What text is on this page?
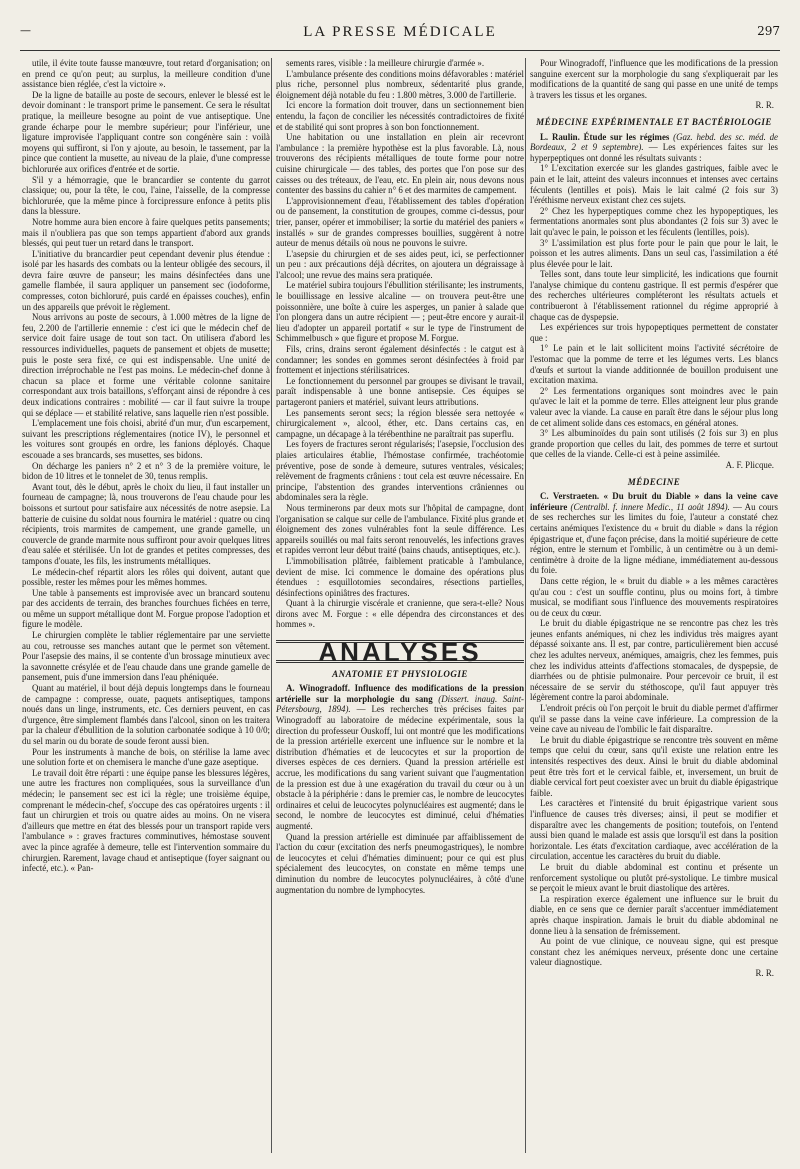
—	LA PRESSE MÉDICALE	297

utile, il évite toute fausse manœuvre, tout retard d'organisation; on en prend ce qu'on peut; au surplus, la meilleure condition d'une assistance bien réglée, c'est la victoire ».

De la ligne de bataille au poste de secours, enlever le blessé est le devoir dominant : le transport prime le pansement. Ce sera le résultat pratique, la meilleure besogne au point de vue antiseptique. Une grande écharpe pour le membre supérieur; pour l'inférieur, une ligature improvisée l'appliquant contre son congénère sain : voilà moyens qui suffiront, si l'on y ajoute, au besoin, le tassement, par la pince que contient la musette, au niveau de la plaie, d'une compresse bichlorurée aux orifices d'entrée et de sortie.

S'il y a hémorragie, que le brancardier se contente du garrot classique; ou, pour la tête, le cou, l'aine, l'aisselle, de la compresse bichlorurée, que la même pince à forcipressure enfonce à petits plis dans la blessure.

Notre homme aura bien encore à faire quelques petits pansements; mais il n'oubliera pas que son temps appartient d'abord aux grands blessés, qui peut tuer un retard dans le transport.

L'initiative du brancardier peut cependant devenir plus étendue : isolé par les hasards des combats ou la lenteur obligée des secours, il devra faire œuvre de panseur; les mains désinfectées dans une gamelle flambée, il saura appliquer un pansement sec (iodoforme, compresses, coton bichloruré, puis cardé en épaisses couches), enfin un des appareils que prévoit le règlement.

Nous arrivons au poste de secours, à 1.000 mètres de la ligne de feu, 2.200 de l'artillerie ennemie : c'est ici que le médecin chef de service doit faire usage de tout son tact. On utilisera d'abord les ressources individuelles, paquets de pansement et objets de musette; puis le poste sera fixé, ce qui est indispensable. Une unité de direction irréprochable ne l'est pas moins. Le médecin-chef donne à chacun sa place et forme une véritable colonne sanitaire correspondant aux trois bataillons, s'efforçant ainsi de répondre à ces deux indications contraires : mobilité — car il faut suivre la troupe qui se déplace — et stabilité relative, sans laquelle rien n'est possible.

L'emplacement une fois choisi, abrité d'un mur, d'un escarpement, suivant les prescriptions réglementaires (notice IV), le personnel et les voitures sont groupés en ordre, les fanions déployés. Chaque escouade a ses brancards, ses musettes, ses bidons.

On décharge les paniers n° 2 et n° 3 de la première voiture, le bidon de 10 litres et le tonnelet de 30, tenus remplis.

Avant tout, dès le début, après le choix du lieu, il faut installer un fourneau de campagne; là, nous trouverons de l'eau chaude pour les boissons et surtout pour satisfaire aux nécessités de notre asepsie. La batterie de cuisine du soldat nous fournira le matériel : quatre ou cinq récipients, trois marmites de campement, une grande gamelle, un couvercle de grande marmite nous suffiront pour avoir quelques litres d'eau salée et stérilisée. Un lot de grandes et petites compresses, des tampons d'ouate, les fils, les instruments métalliques.

Le médecin-chef répartit alors les rôles qui doivent, autant que possible, rester les mêmes pour les mêmes hommes.

Une table à pansements est improvisée avec un brancard soutenu par des accidents de terrain, des branches fourchues fichées en terre, ou même un support métallique dont M. Forgue propose l'adoption et figure le modèle.

Le chirurgien complète le tablier réglementaire par une serviette au cou, retrousse ses manches autant que le permet son vêtement. Pour l'asepsie des mains, il se contente d'un brossage minutieux avec la savonnette crésylée et de l'eau chaude dans une grande gamelle de pansement, puis d'une immersion dans l'eau phéniquée.

Quant au matériel, il bout déjà depuis longtemps dans le fourneau de campagne : compresse, ouate, paquets antiseptiques, tampons noués dans un linge, instruments, etc. Ces derniers peuvent, en cas d'urgence, être simplement flambés dans l'alcool, sinon on les traitera par la chaleur d'ébullition de la solution carbonatée sodique à 10 0/0; du sel marin ou du borate de soude feront aussi bien.

Pour les instruments à manche de bois, on stérilise la lame avec une solution forte et on chemisera le manche d'une gaze aseptique.

Le travail doit être réparti : une équipe panse les blessures légères, une autre les fractures non compliquées, sous la surveillance d'un médecin; le pansement sec est ici la règle; une troisième équipe, comprenant le médecin-chef, s'occupe des cas opératoires urgents : il faut un chirurgien et trois ou quatre aides au moins. On ne visera d'ailleurs que mettre en état des blessés pour un transport rapide vers l'ambulance » : graves fractures comminutives, hémostase souvent avec la pince agrafée à demeure, telle est l'intervention sommaire du chirurgien. Rarement, lavage chaud et antiseptique (foyer saignant ou infecté, etc.). « Pan-

sements rares, visible : la meilleure chirurgie d'armée ».

L'ambulance présente des conditions moins défavorables : matériel plus riche, personnel plus nombreux, sédentarité plus grande, éloignement déjà notable du feu : 1.800 mètres, 3.000 de l'artillerie.

Ici encore la formation doit trouver, dans un sectionnement bien entendu, la façon de concilier les nécessités contradictoires de fixité et de stabilité qui sont propres à son bon fonctionnement.

Une habitation ou une installation en plein air recevront l'ambulance : la première hypothèse est la plus favorable. Là, nous trouverons des récipients métalliques de toute forme pour notre cuisine chirurgicale — des tables, des portes que l'on pose sur des caisses ou des tréteaux, de l'eau, etc. En plein air, nous devons nous contenter des bassins du cahier n° 6 et des marmites de campement.

L'approvisionnement d'eau, l'établissement des tables d'opération ou de pansement, la constitution de groupes, comme ci-dessus, pour trier, panser, opérer et immobiliser; la sortie du matériel des paniers « installés » sur de grandes compresses bouillies, suggèrent à notre auteur de menus détails où nous ne pouvons le suivre.

L'asepsie du chirurgien et de ses aides peut, ici, se perfectionner un peu : aux précautions déjà décrites, on ajoutera un dégraissage à l'alcool; une revue des mains sera pratiquée.

Le matériel subira toujours l'ébullition stérilisante; les instruments, le bouillissage en lessive alcaline — on trouvera peut-être une poissonnière, une boîte à cuire les asperges, un panier à salade que l'on plongera dans un autre récipient — ; peut-être encore y aurait-il lieu d'adopter un appareil portatif « sur le type de l'instrument de Schimmelbusch » que figure et propose M. Forgue.

Fils, crins, drains seront également désinfectés : le catgut est à condamner; les sondes en gommes seront désinfectées à froid par frottement et injections stérilisatrices.

Le fonctionnement du personnel par groupes se divisant le travail, paraît indispensable à une bonne antisepsie. Ces équipes se partageront paniers et matériel, suivant leurs attributions.

Les pansements seront secs; la région blessée sera nettoyée « chirurgicalement », alcool, éther, etc. Dans certains cas, en campagne, un décapage à la térébenthine ne paraîtrait pas superflu.

Les foyers de fractures seront régularisés; l'asepsie, l'occlusion des plaies articulaires établie, l'hémostase confirmée, trachéotomie préventive, pose de sonde à demeure, sutures ventrales, vésicales; relèvement de fragments crâniens : tout cela est œuvre nécessaire. En principe, l'abstention des grandes interventions crâniennes ou abdominales sera la règle.

Nous terminerons par deux mots sur l'hôpital de campagne, dont l'organisation se calque sur celle de l'ambulance. Fixité plus grande et éloignement des zones vulnérables font la seule différence. Les appareils souillés ou mal faits seront renouvelés, les infections graves et rapides verront leur début traité (bains chauds, antiseptiques, etc.).

L'immobilisation plâtrée, faiblement praticable à l'ambulance, devient de mise. Ici commence le domaine des opérations plus étendues : esquillotomies secondaires, résections partielles, désinfections opiniâtres des fractures.

Quant à la chirurgie viscérale et cranienne, que sera-t-elle? Nous dirons avec M. Forgue : « elle dépendra des circonstances et des hommes ».

ANALYSES
ANATOMIE ET PHYSIOLOGIE

A. Winogradoff. Influence des modifications de la pression artérielle sur la morphologie du sang (Dissert. inaug. Saint-Pétersbourg, 1894). — Les recherches très précises faites par Winogradoff au laboratoire de médecine expérimentale, sous la direction du professeur Ouskoff, lui ont montré que les modifications de la pression artérielle exercent une influence sur le nombre et la distribution d'hématies et de leucocytes et sur la proportion de diverses espèces de ces derniers. Quand la pression artérielle est accrue, les modifications du sang varient suivant que l'augmentation de la pression est due à une exagération du travail du cœur ou à un obstacle à la périphérie : dans le premier cas, le nombre de leucocytes ordinaires et celui de leucocytes polynucléaires est augmenté; dans le second, le nombre de leucocytes est diminué, celui d'hématies augmenté.

Quand la pression artérielle est diminuée par affaiblissement de l'action du cœur (excitation des nerfs pneumogastriques), le nombre de leucocytes et celui d'hématies diminuent; pour ce qui est plus spécialement des leucocytes, on constate en même temps une diminution du nombre de leucocytes polynucléaires, à côté d'une augmentation du nombre de lymphocytes.

Pour Winogradoff, l'influence que les modifications de la pression sanguine exercent sur la morphologie du sang s'expliquerait par les modifications de la quantité de sang qui passe en une unité de temps à travers les tissus et les organes.

R. R.

MÉDECINE EXPÉRIMENTALE ET BACTÉRIOLOGIE

L. Raulin. Étude sur les régimes (Gaz. hebd. des sc. méd. de Bordeaux, 2 et 9 septembre). — Les expériences faites sur les hyperpeptiques ont donné les résultats suivants :

1° L'excitation exercée sur les glandes gastriques, faible avec le pain et le lait, atteint des valeurs inconnues et intenses avec certains féculents (lentilles et pois). Mais le lait calmé (2 fois sur 3) l'éréthisme nerveux existant chez ces sujets.

2° Chez les hyperpeptiques comme chez les hypopeptiques, les fermentations anormales sont plus abondantes (2 fois sur 3) avec le lait qu'avec le pain, le poisson et les féculents (lentilles, pois).

3° L'assimilation est plus forte pour le pain que pour le lait, le poisson et les autres aliments. Dans un seul cas, l'assimilation a été plus élevée pour le lait.

Telles sont, dans toute leur simplicité, les indications que fournit l'analyse chimique du contenu gastrique. Il est permis d'espérer que des recherches ultérieures compléteront les résultats actuels et contribueront à l'établissement rationnel du régime approprié à chaque cas de dyspepsie.

Les expériences sur trois hypopeptiques permettent de constater que :

1° Le pain et le lait sollicitent moins l'activité sécrétoire de l'estomac que la pomme de terre et les légumes verts. Les blancs d'œufs et surtout la viande additionnée de bouillon produisent une excitation maxima.

2° Les fermentations organiques sont moindres avec le pain qu'avec le lait et la pomme de terre. Elles atteignent leur plus grande valeur avec la viande. La cause en paraît être dans le séjour plus long de cet aliment solide dans ces estomacs, en général atones.

3° Les albuminoïdes du pain sont utilisés (2 fois sur 3) en plus grande proportion que celles du lait, des pommes de terre et surtout que celles de la viande. Celle-ci est à peine assimilée.

A. F. Plicque.

MÉDECINE

C. Verstraeten. « Du bruit du Diable » dans la veine cave inférieure (Centralbl. f. innere Medic., 11 août 1894). — Au cours de ses recherches sur les limites du foie, l'auteur a constaté chez certains anémiques l'existence du « bruit du diable » dans la région épigastrique et, d'une façon précise, dans la moitié supérieure de cette région, entre le sternum et l'ombilic, à un centimètre ou à un demi-centimètre à droite de la ligne médiane, immédiatement au-dessous du foie.

Dans cette région, le « bruit du diable » a les mêmes caractères qu'au cou : c'est un souffle continu, plus ou moins fort, à timbre musical, se modifiant sous l'influence des mouvements respiratoires ou de ceux du cœur.

Le bruit du diable épigastrique ne se rencontre pas chez les très jeunes enfants anémiques, ni chez les individus très maigres ayant dépassé soixante ans. Il est, par contre, particulièrement bien accusé chez les adultes nerveux, anémiques, amaigris, chez les femmes, puis chez les individus atteints d'affections stomacales, de dyspepsie, de diarrhées ou de phtisie pulmonaire. Pour percevoir ce bruit, il est nécessaire de se servir du stéthoscope, qu'il faut appuyer très légèrement contre la paroi abdominale.

L'endroit précis où l'on perçoit le bruit du diable permet d'affirmer qu'il se passe dans la veine cave inférieure. La compression de la veine cave au niveau de l'ombilic le fait disparaître.

Le bruit du diable épigastrique se rencontre très souvent en même temps que celui du cœur, sans qu'il existe une relation entre les intensités respectives des deux. Ainsi le bruit du diable abdominal peut être très fort et le cervical faible, et, inversement, un bruit de diable cervical fort peut coexister avec un bruit du diable épigastrique faible.

Les caractères et l'intensité du bruit épigastrique varient sous l'influence de causes très diverses; ainsi, il peut se modifier et disparaître avec les changements de position; toutefois, on l'entend aussi bien quand le malade est assis que lorsqu'il est dans la position horizontale. Les états d'excitation cardiaque, avec accélération de la circulation, accentue les caractères du bruit du diable.

Le bruit du diable abdominal est continu et présente un renforcement systolique ou plutôt pré-systolique. Le timbre musical se perçoit le mieux avant le bruit diastolique des artères.

La respiration exerce également une influence sur le bruit du diable, en ce sens que ce dernier paraît s'accentuer immédiatement après chaque inspiration. Jamais le bruit du diable abdominal ne donne lieu à la sensation de frémissement.

Au point de vue clinique, ce nouveau signe, qui est presque constant chez les anémiques nerveux, présente donc une certaine valeur diagnostique.

R. R.
